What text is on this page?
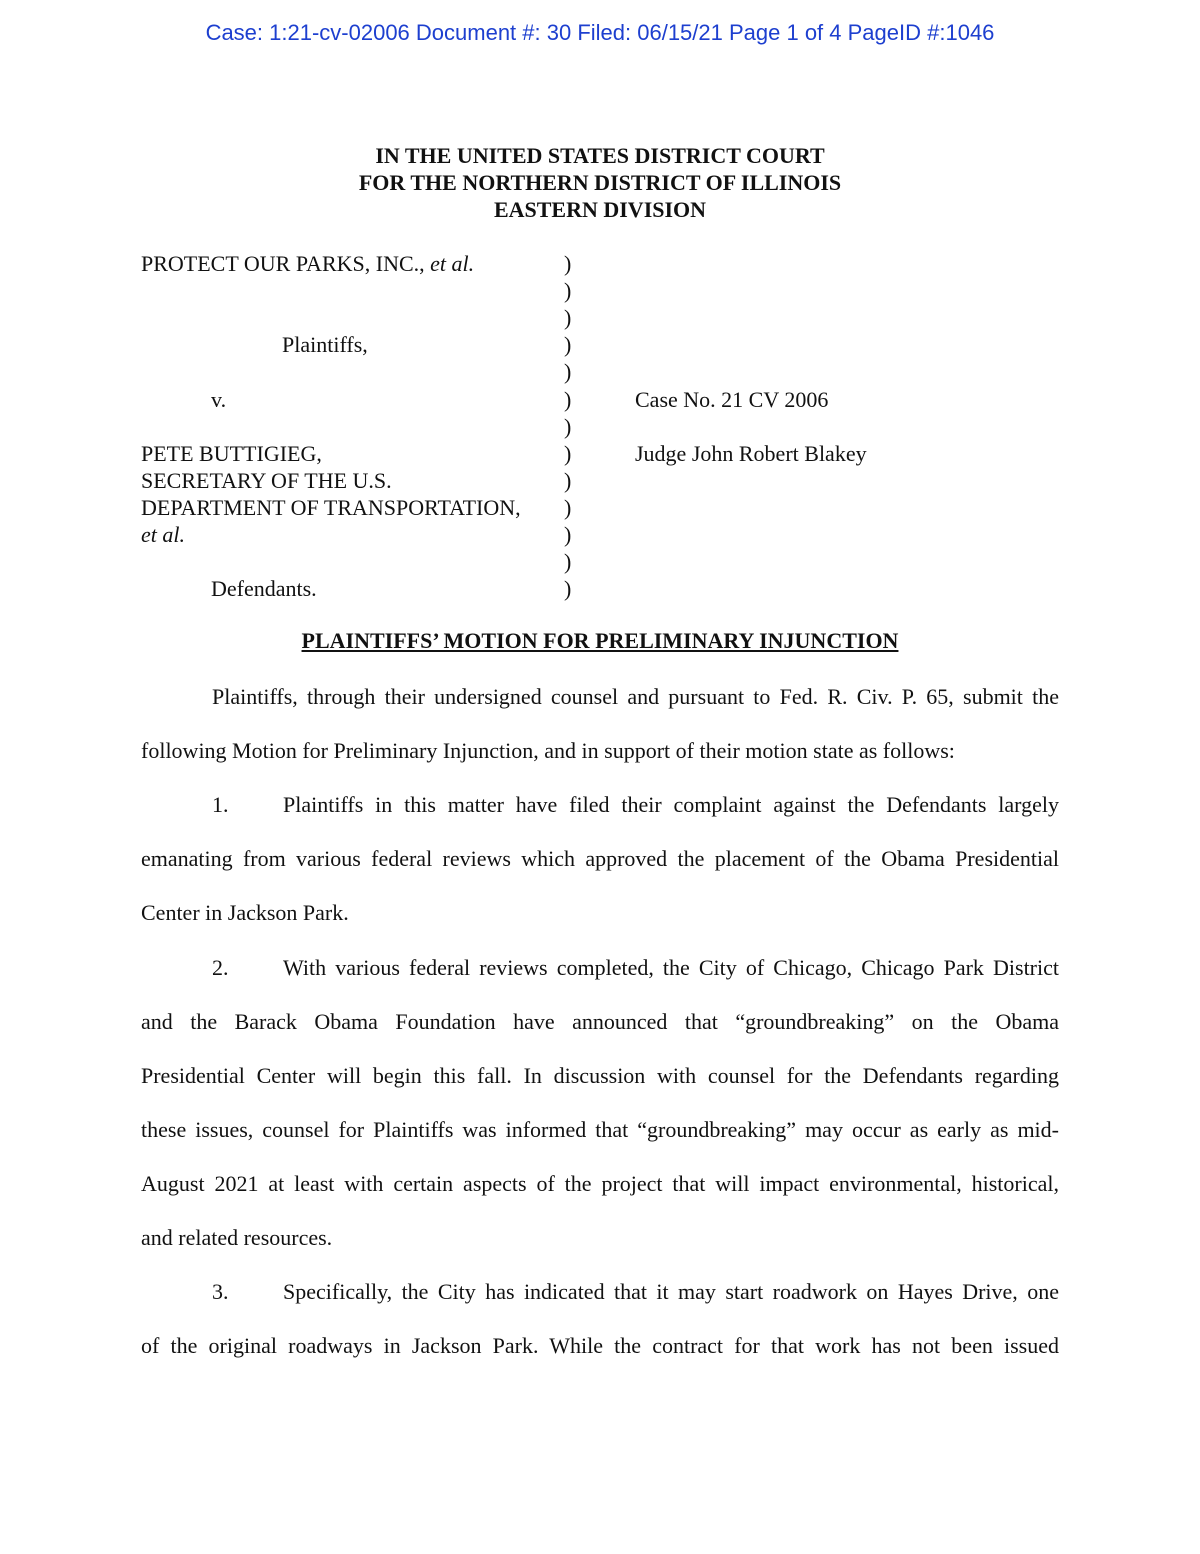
Case: 1:21-cv-02006 Document #: 30 Filed: 06/15/21 Page 1 of 4 PageID #:1046
IN THE UNITED STATES DISTRICT COURT
FOR THE NORTHERN DISTRICT OF ILLINOIS
EASTERN DIVISION
PROTECT OUR PARKS, INC., et al.
Plaintiffs,
v.
PETE BUTTIGIEG,
SECRETARY OF THE U.S.
DEPARTMENT OF TRANSPORTATION,
et al.
Defendants.
)
)
)
)
)
)
)
)
)
)
)
)
)
Case No. 21 CV 2006
Judge John Robert Blakey
PLAINTIFFS’ MOTION FOR PRELIMINARY INJUNCTION
Plaintiffs, through their undersigned counsel and pursuant to Fed. R. Civ. P. 65, submit the
following Motion for Preliminary Injunction, and in support of their motion state as follows:
1. Plaintiffs in this matter have filed their complaint against the Defendants largely
emanating from various federal reviews which approved the placement of the Obama Presidential
Center in Jackson Park.
2. With various federal reviews completed, the City of Chicago, Chicago Park District
and the Barack Obama Foundation have announced that “groundbreaking” on the Obama
Presidential Center will begin this fall. In discussion with counsel for the Defendants regarding
these issues, counsel for Plaintiffs was informed that “groundbreaking” may occur as early as mid-
August 2021 at least with certain aspects of the project that will impact environmental, historical,
and related resources.
3. Specifically, the City has indicated that it may start roadwork on Hayes Drive, one
of the original roadways in Jackson Park. While the contract for that work has not been issued
